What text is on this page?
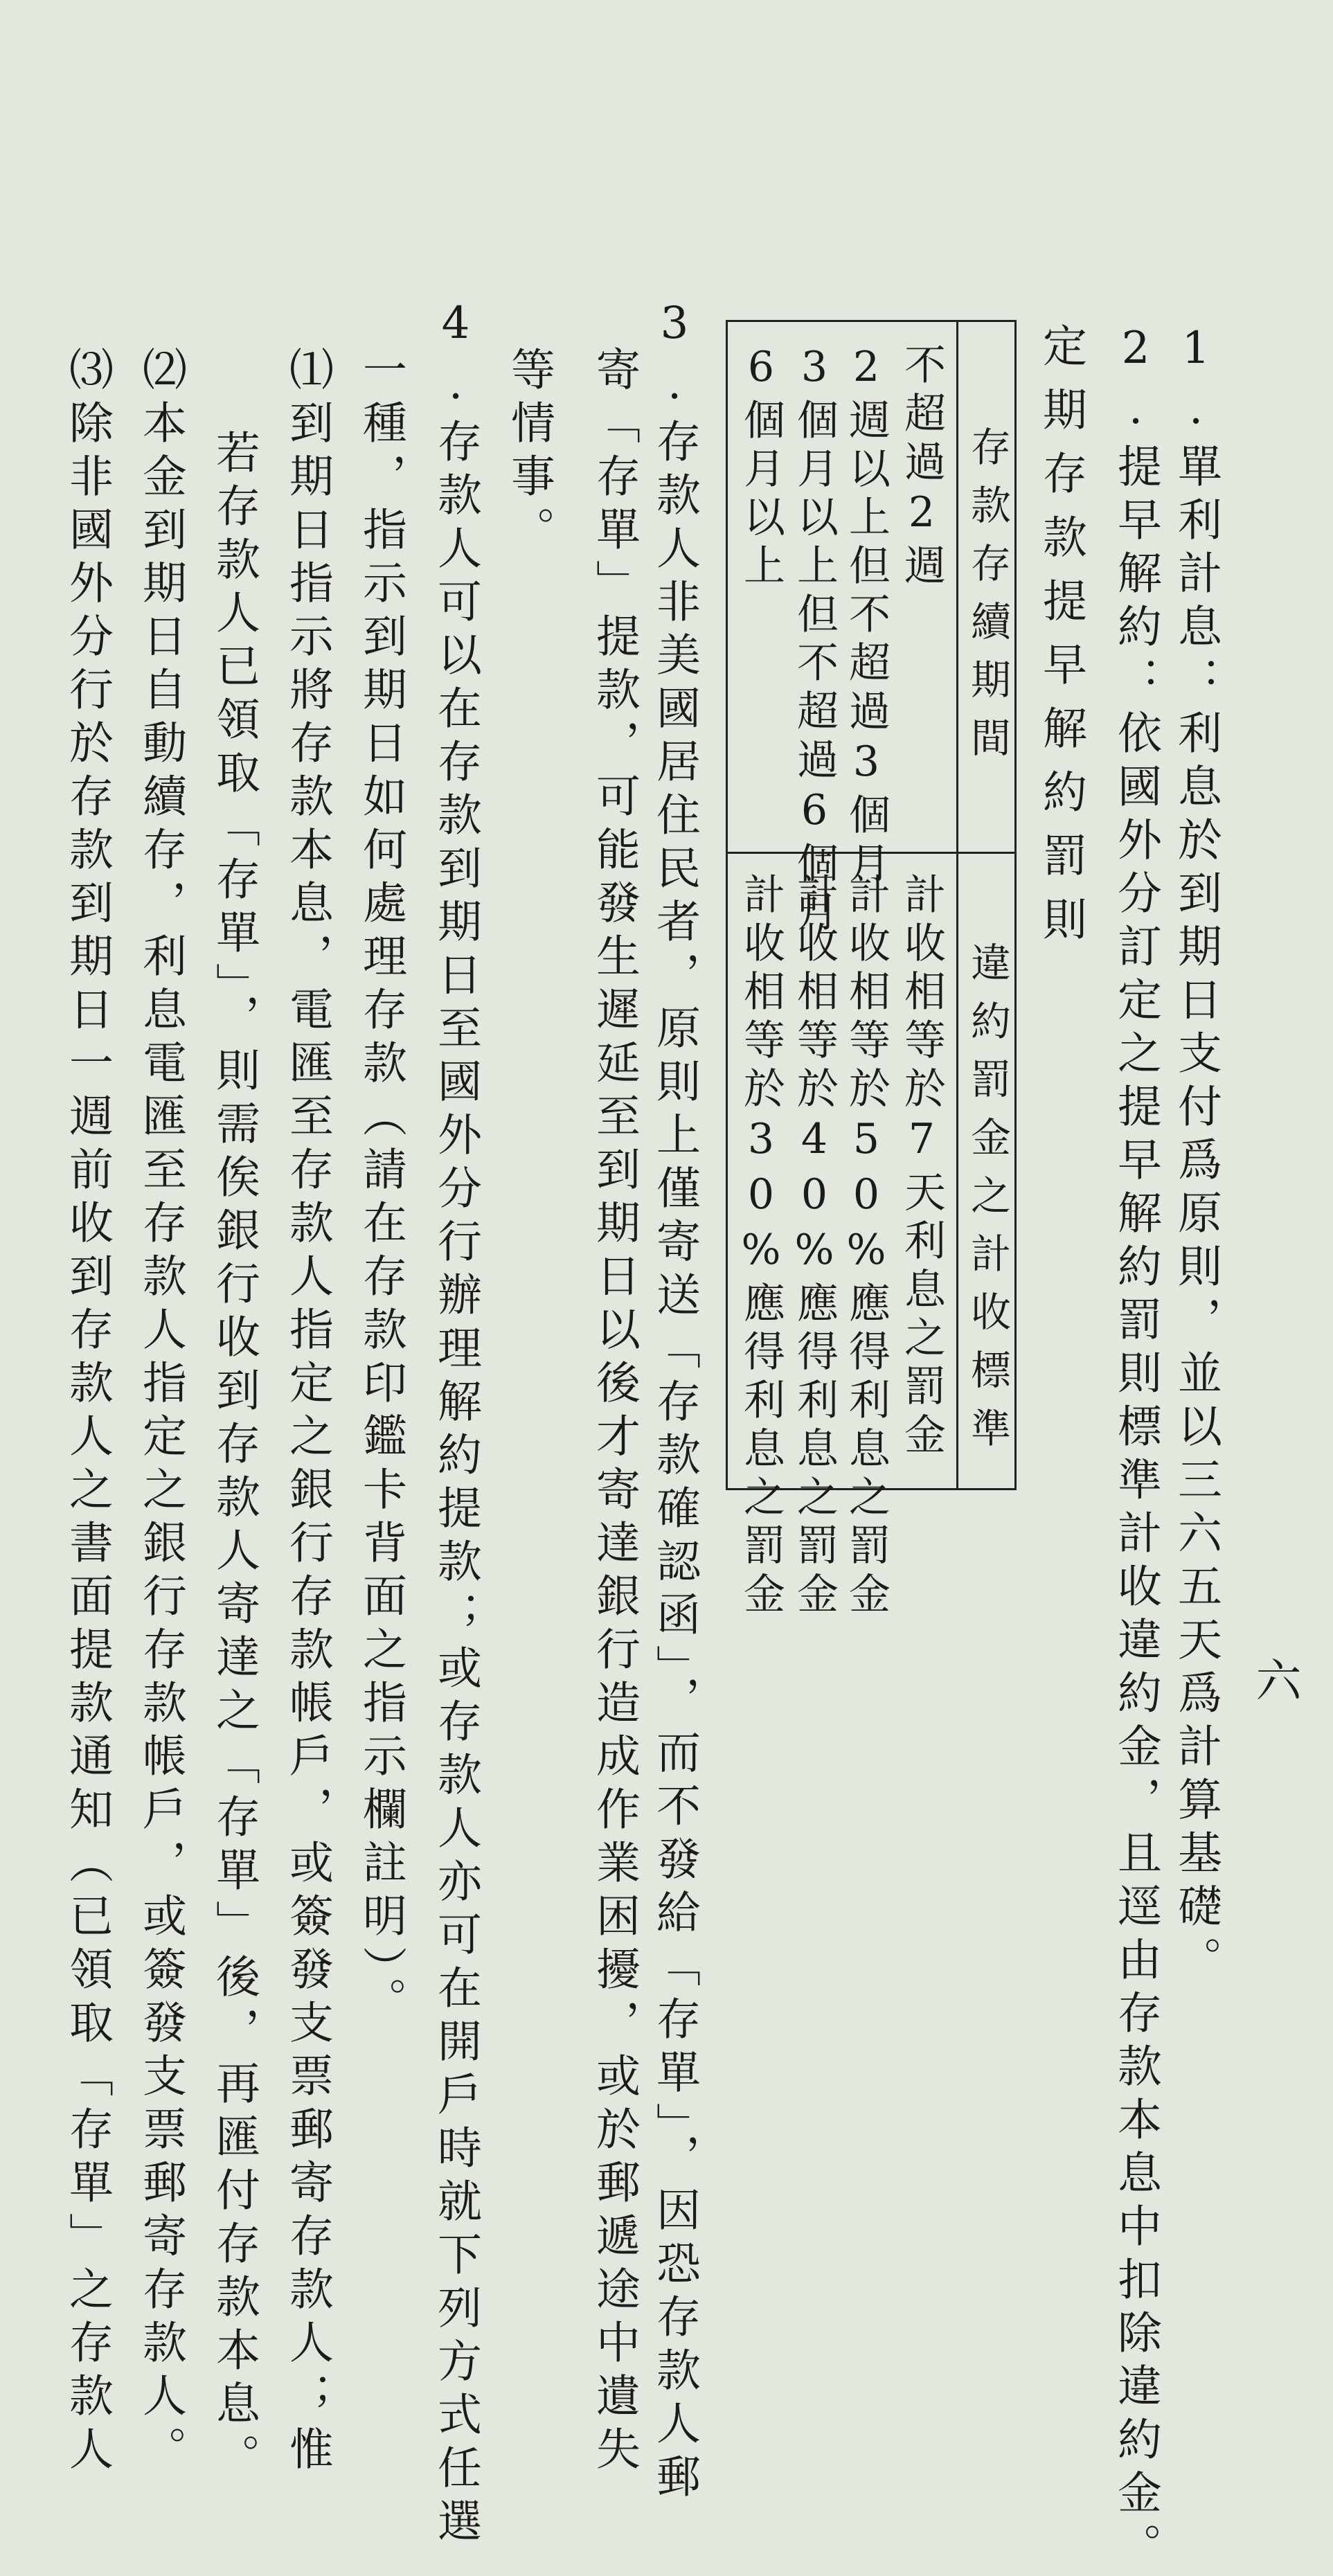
六
1.單利計息：利息於到期日支付爲原則，並以三六五天爲計算基礎。
2.提早解約：依國外分訂定之提早解約罰則標準計收違約金，且逕由存款本息中扣除違約金。
定期存款提早解約罰則
存款存續期間
違約罰金之計收標準
不超過2週
2週以上但不超過3個月
3個月以上但不超過6個月
6個月以上
計收相等於7天利息之罰金
計收相等於50%應得利息之罰金
計收相等於40%應得利息之罰金
計收相等於30%應得利息之罰金
3.存款人非美國居住民者，原則上僅寄送「存款確認函」，而不發給「存單」，因恐存款人郵
寄「存單」提款，可能發生遲延至到期日以後才寄達銀行造成作業困擾，或於郵遞途中遺失
等情事。
4.存款人可以在存款到期日至國外分行辦理解約提款；或存款人亦可在開戶時就下列方式任選
一種，指示到期日如何處理存款（請在存款印鑑卡背面之指示欄註明）。
⑴到期日指示將存款本息，電匯至存款人指定之銀行存款帳戶，或簽發支票郵寄存款人；惟
若存款人已領取「存單」，則需俟銀行收到存款人寄達之「存單」後，再匯付存款本息。
⑵本金到期日自動續存，利息電匯至存款人指定之銀行存款帳戶，或簽發支票郵寄存款人。
⑶除非國外分行於存款到期日一週前收到存款人之書面提款通知（已領取「存單」之存款人
